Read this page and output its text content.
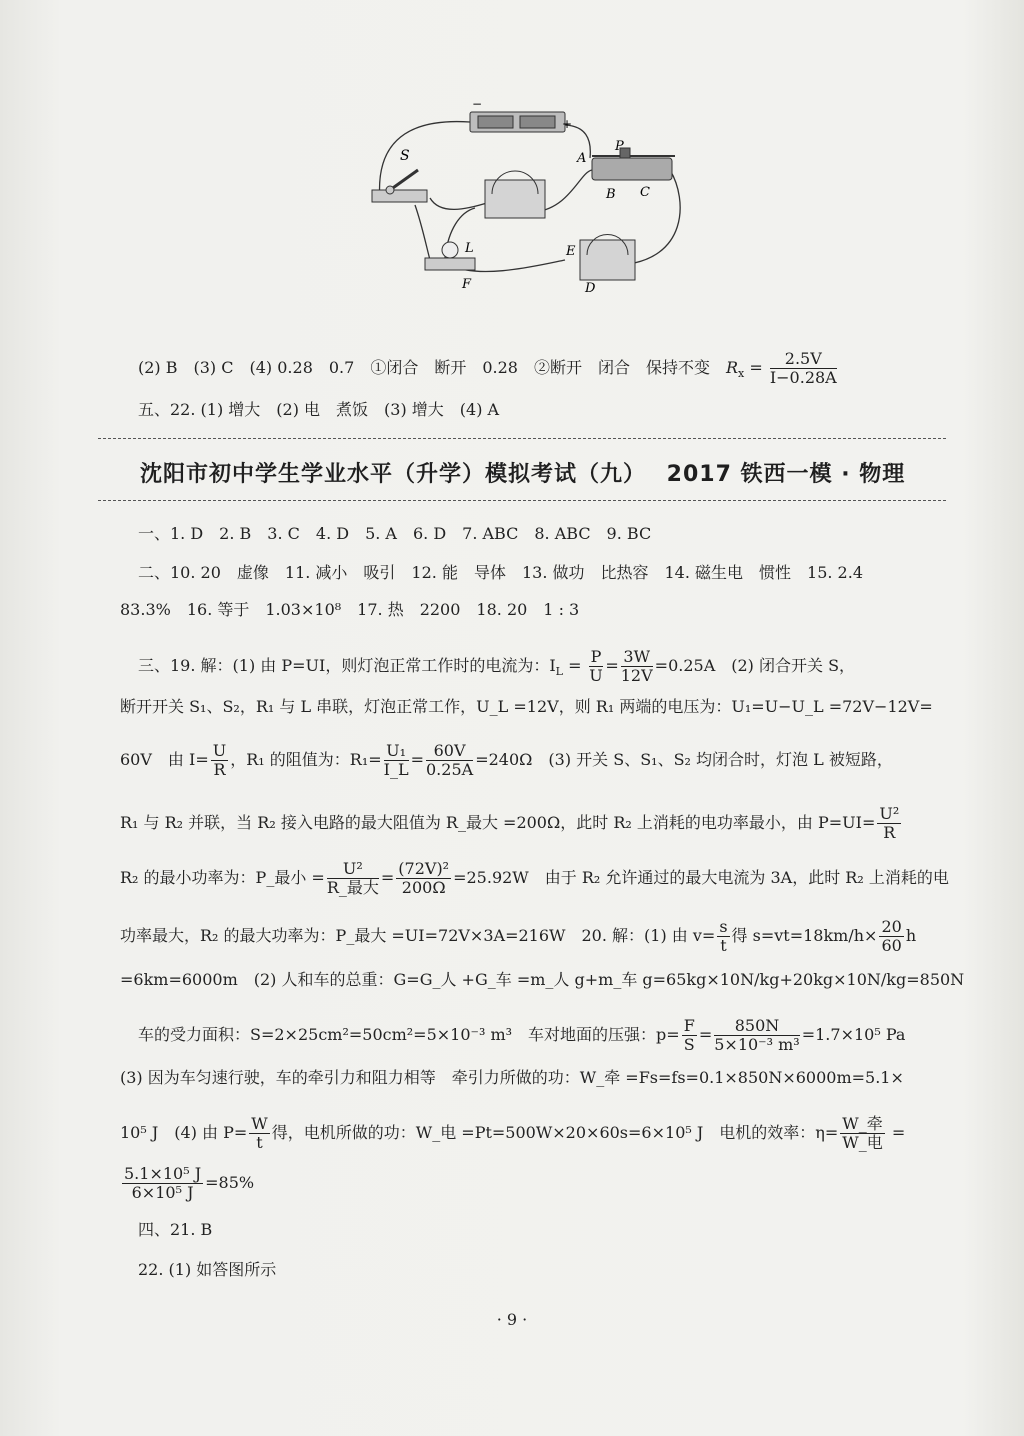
−
+
S
P
A
B C
L
F
E
D
(2) B　(3) C　(4) 0.28　0.7　①闭合　断开　0.28　②断开　闭合　保持不变　 $R_x = \frac{2.5V}{I-0.28A}$
五、22. (1) 增大　(2) 电　煮饭　(3) 增大　(4) A
沈阳市初中学生学业水平（升学）模拟考试（九）　 2017 铁西一模 · 物理
一、1. D　2. B　3. C　4. D　5. A　6. D　7. ABC　8. ABC　9. BC
二、10. 20　虚像　11. 减小　吸引　12. 能　导体　13. 做功　比热容　14. 磁生电　惯性　15. 2.4
83.3%　16. 等于　1.03×10⁸　17. 热　2200　18. 20　1 : 3
三、19. 解：(1) 由 P=UI，则灯泡正常工作时的电流为：$I_L = \frac{P}{U} = \frac{3W}{12V} =0.25A$　(2) 闭合开关 S，
断开开关 S₁、S₂，R₁ 与 L 串联，灯泡正常工作，U_L =12V，则 R₁ 两端的电压为：U₁=U−U_L =72V−12V=
60V　由 $I= \frac{U}{R}$ ，R₁ 的阻值为：$R_1= \frac{\text{U₁}}{I\_L} = \frac{60V}{0.25A} =240\Omega$　(3) 开关 S、S₁、S₂ 均闭合时，灯泡 L 被短路，
R₁ 与 R₂ 并联，当 R₂ 接入电路的最大阻值为 R_最大 =200Ω，此时 R₂ 上消耗的电功率最小，由 $P=UI= \frac{\text{U²}}{R}$
R₂ 的最小功率为：P_最小 = $\frac{\text{U²}}{\text{R\_最大}} = \frac{\text{(72V)²}}{200\Omega} =25.92W$　由于 R₂ 允许通过的最大电流为 3A，此时 R₂ 上消耗的电
功率最大，R₂ 的最大功率为：P_最大 =UI=72V×3A=216W　 20. 解：(1) 由 $v= \frac{s}{t}$ 得 $s=vt=18km/h\times \frac{20}{60}$ h
=6km=6000m　(2) 人和车的总重：G=G_人 +G_车 =m_人 g+m_车 g=65kg×10N/kg+20kg×10N/kg=850N
车的受力面积：S=2×25cm²=50cm²=5×10⁻³ m³　车对地面的压强：$p= \frac{F}{S} = \frac{850N}{\text{5×10⁻³ m³}} =1.7\times 10^5$ Pa
(3) 因为车匀速行驶，车的牵引力和阻力相等　牵引力所做的功：W_牵 =Fs=fs=0.1×850N×6000m=5.1×
10⁵ J　(4) 由 $P= \frac{W}{t}$ 得，电机所做的功：W_电 =Pt=500W×20×60s=6×10⁵ J　电机的效率：$\eta= \frac{\text{W\_牵}}{\text{W\_电}}$ =
$\frac{\text{5.1×10⁵ J}}{\text{6×10⁵ J}} =85\%$
四、21. B
22. (1) 如答图所示
· 9 ·
